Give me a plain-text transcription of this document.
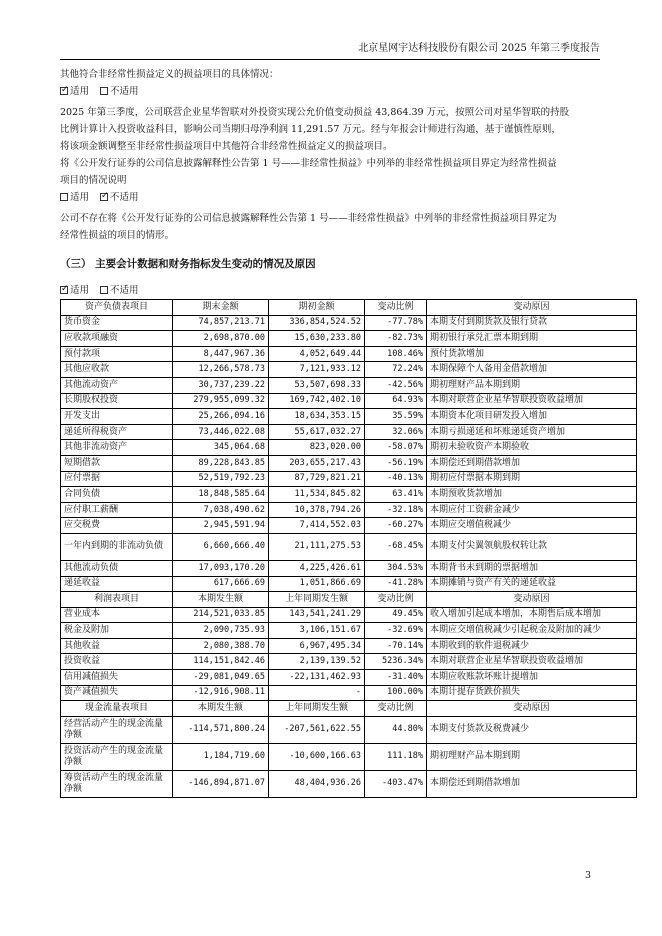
北京星网宇达科技股份有限公司 2025 年第三季度报告

其他符合非经常性损益定义的损益项目的具体情况：

✓适用 不适用

2025 年第三季度，公司联营企业星华智联对外投资实现公允价值变动损益 43,864.39 万元，按照公司对星华智联的持股

比例计算计入投资收益科目，影响公司当期归母净利润 11,291.57 万元。经与年报会计师进行沟通，基于谨慎性原则，

将该项金额调整至非经常性损益项目中其他符合非经常性损益定义的损益项目。

将《公开发行证券的公司信息披露解释性公告第 1 号——非经常性损益》中列举的非经常性损益项目界定为经常性损益

项目的情况说明

适用 ✓ 不适用

公司不存在将《公开发行证券的公司信息披露解释性公告第 1 号——非经常性损益》中列举的非经常性损益项目界定为

经常性损益的项目的情形。

（三） 主要会计数据和财务指标发生变动的情况及原因

✓适用 不适用

资产负债表项目	期末金额	期初金额	变动比例	变动原因
货币资金	74,857,213.71	336,854,524.52	-77.78%	本期支付到期货款及银行贷款
应收款项融资	2,698,870.00	15,630,233.80	-82.73%	期初银行承兑汇票本期到期
预付款项	8,447,967.36	4,052,649.44	108.46%	预付货款增加
其他应收款	12,266,578.73	7,121,933.12	72.24%	本期保障个人备用金借款增加
其他流动资产	30,737,239.22	53,507,698.33	-42.56%	期初理财产品本期到期
长期股权投资	279,955,099.32	169,742,402.10	64.93%	本期对联营企业星华智联投资收益增加
开发支出	25,266,094.16	18,634,353.15	35.59%	本期资本化项目研发投入增加
递延所得税资产	73,446,022.08	55,617,032.27	32.06%	本期亏损递延和坏账递延资产增加
其他非流动资产	345,064.68	823,020.00	-58.07%	期初未验收资产本期验收
短期借款	89,228,843.85	203,655,217.43	-56.19%	本期偿还到期借款增加
应付票据	52,519,792.23	87,729,821.21	-40.13%	期初应付票据本期到期
合同负债	18,848,585.64	11,534,845.82	63.41%	本期预收货款增加
应付职工薪酬	7,038,490.62	10,378,794.26	-32.18%	本期应付工资薪金减少
应交税费	2,945,591.94	7,414,552.03	-60.27%	本期应交增值税减少
一年内到期的非流动负债	6,660,666.40	21,111,275.53	-68.45%	本期支付尖翼领航股权转让款
其他流动负债	17,093,170.20	4,225,426.61	304.53%	本期背书未到期的票据增加
递延收益	617,666.69	1,051,866.69	-41.28%	本期摊销与资产有关的递延收益
利润表项目	本期发生额	上年同期发生额	变动比例	变动原因
营业成本	214,521,033.85	143,541,241.29	49.45%	收入增加引起成本增加，本期售后成本增加
税金及附加	2,090,735.93	3,106,151.67	-32.69%	本期应交增值税减少引起税金及附加的减少
其他收益	2,080,388.70	6,967,495.34	-70.14%	本期收到的软件退税减少
投资收益	114,151,842.46	2,139,139.52	5236.34%	本期对联营企业星华智联投资收益增加
信用减值损失	-29,081,049.65	-22,131,462.93	-31.40%	本期应收账款坏账计提增加
资产减值损失	-12,916,908.11	-	100.00%	本期计提存货跌价损失
现金流量表项目	本期发生额	上年同期发生额	变动比例	变动原因
经营活动产生的现金流量净额	-114,571,800.24	-207,561,622.55	44.80%	本期支付货款及税费减少
投资活动产生的现金流量净额	1,184,719.60	-10,600,166.63	111.18%	期初理财产品本期到期
筹资活动产生的现金流量净额	-146,894,871.07	48,404,936.26	-403.47%	本期偿还到期借款增加
3
